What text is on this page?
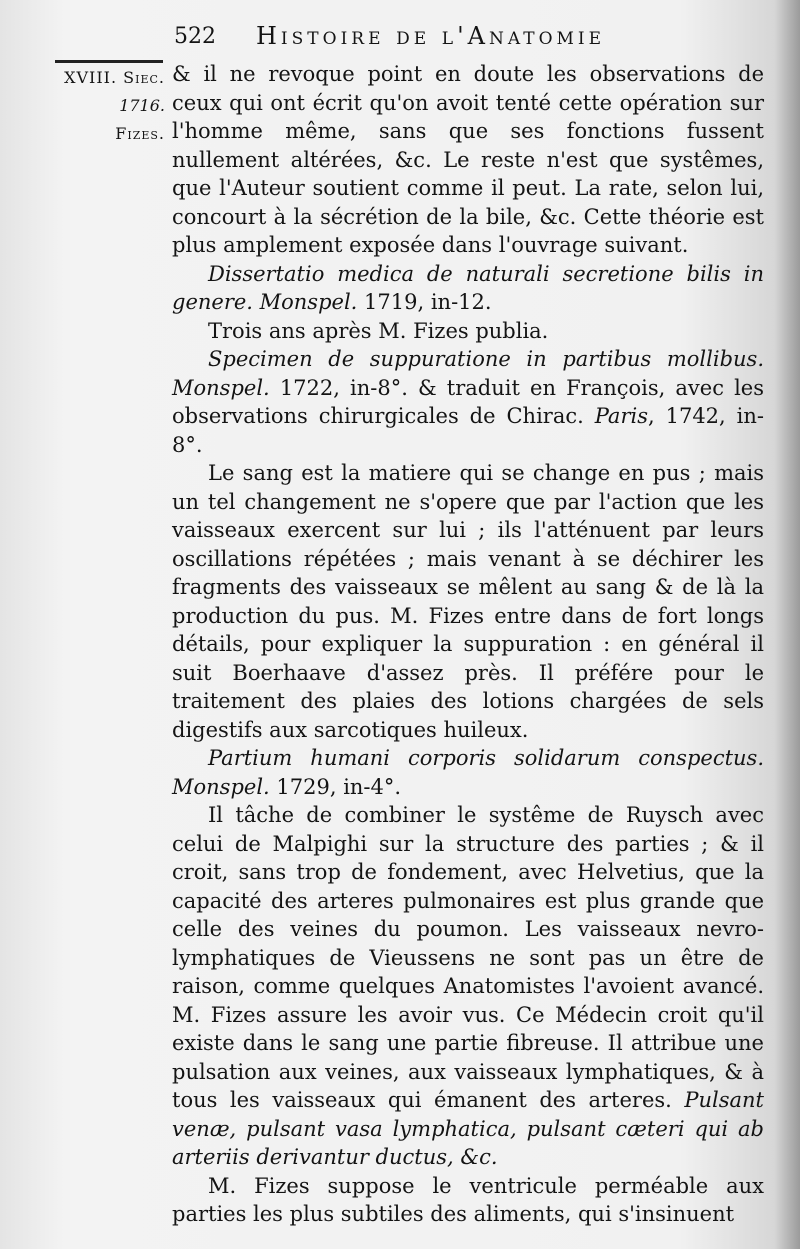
522 Histoire de l'Anatomie
XVIII. Siec.
1716.
Fizes.

& il ne revoque point en doute les observations de ceux qui ont écrit qu'on avoit tenté cette opération sur l'homme même, sans que ses fonctions fussent nullement altérées, &c. Le reste n'est que systêmes, que l'Auteur soutient comme il peut. La rate, selon lui, concourt à la sécrétion de la bile, &c. Cette théorie est plus amplement exposée dans l'ouvrage suivant.

Dissertatio medica de naturali secretione bilis in genere. Monspel. 1719, in-12.

Trois ans après M. Fizes publia.

Specimen de suppuratione in partibus mollibus. Monspel. 1722, in-8°. & traduit en François, avec les observations chirurgicales de Chirac. Paris, 1742, in-8°.

Le sang est la matiere qui se change en pus ; mais un tel changement ne s'opere que par l'action que les vaisseaux exercent sur lui ; ils l'atténuent par leurs oscillations répétées ; mais venant à se déchirer les fragments des vaisseaux se mêlent au sang & de là la production du pus. M. Fizes entre dans de fort longs détails, pour expliquer la suppuration : en général il suit Boerhaave d'assez près. Il préfére pour le traitement des plaies des lotions chargées de sels digestifs aux sarcotiques huileux.

Partium humani corporis solidarum conspectus. Monspel. 1729, in-4°.

Il tâche de combiner le systême de Ruysch avec celui de Malpighi sur la structure des parties ; & il croit, sans trop de fondement, avec Helvetius, que la capacité des arteres pulmonaires est plus grande que celle des veines du poumon. Les vaisseaux nevro-lymphatiques de Vieussens ne sont pas un être de raison, comme quelques Anatomistes l'avoient avancé. M. Fizes assure les avoir vus. Ce Médecin croit qu'il existe dans le sang une partie fibreuse. Il attribue une pulsation aux veines, aux vaisseaux lymphatiques, & à tous les vaisseaux qui émanent des arteres. Pulsant venæ, pulsant vasa lymphatica, pulsant cæteri qui ab arteriis derivantur ductus, &c.

M. Fizes suppose le ventricule perméable aux parties les plus subtiles des aliments, qui s'insinuent
